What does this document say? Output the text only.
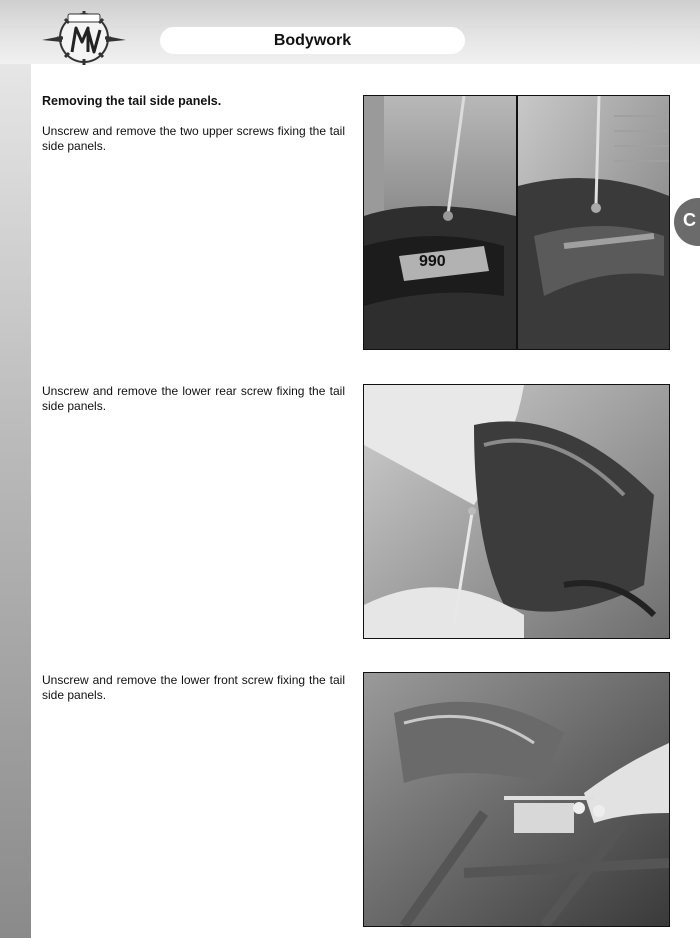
Bodywork
C
Removing the tail side panels.
Unscrew and remove the two upper screws fixing the tail side panels.
Unscrew and remove the lower rear screw fixing the tail side panels.
Unscrew and remove the lower front screw fixing the tail side panels.
990
